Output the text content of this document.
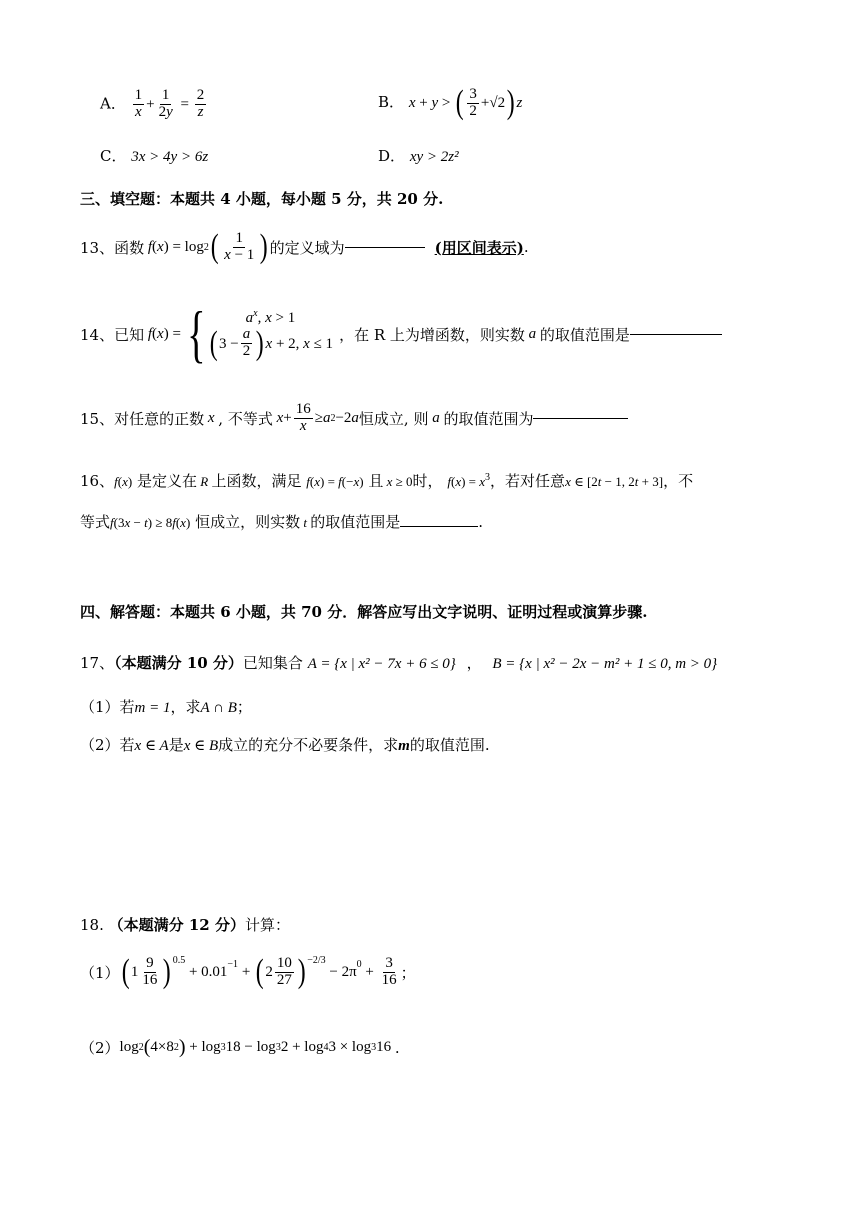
A． $\frac{1}{x} + \frac{1}{2y} = \frac{2}{z}$	B． x + y > ( $\frac{3}{2} +√2$) z
C． 3x > 4y > 6z	D． xy > 2z²
三、填空题：本题共 4 小题，每小题 5 分，共 20 分.
13、 函数 f ( x ) = log 2 ( $\frac{1}{x - 1}$ ) 的定义域为	(用区间表示) .
14、 已知 f ( x ) = {	$a^x$, x > 1
( $3 - \frac{a}{2}$ ) x + 2, x ≤ 1 ，在 R 上为增函数，则实数 a 的取值范围是
15、 对任意的正数 x , 不等式 $x + \frac{16}{x} \ge a$ 2 −2 a 恒成立, 则 a 的取值范围为
16、f(x) 是定义在 R 上函数，满足 f(x) = f(−x) 且 x ≥ 0时， $f(x) = x^3$，若对任意x ∈ [2t − 1, 2t + 3]，不
等式f(3x − t) ≥ 8f(x) 恒成立，则实数 t 的取值范围是	.
四、解答题：本题共 6 小题，共 70 分．解答应写出文字说明、证明过程或演算步骤.
17、（本题满分 10 分）已知集合 A = {x | x² − 7x + 6 ≤ 0} ， B = {x | x² − 2x − m² + 1 ≤ 0, m > 0}
（1）若m = 1，求A ∩ B；
（2）若x ∈ A是x ∈ B成立的充分不必要条件，求m的取值范围.
18. （本题满分 12 分）计算：
（1） ( $1 \frac{9}{16} )^{0.5}$
+ $0.01^{-1}$ + ( $2 \frac{10}{27} )^{-2/3}$
− $2\pi^0 + \frac{3}{16}$ ；
（2） log 2 ( 4×8 2 ) + log 3 18 − log 3 2 + log 4 3 × log 3 16 .
